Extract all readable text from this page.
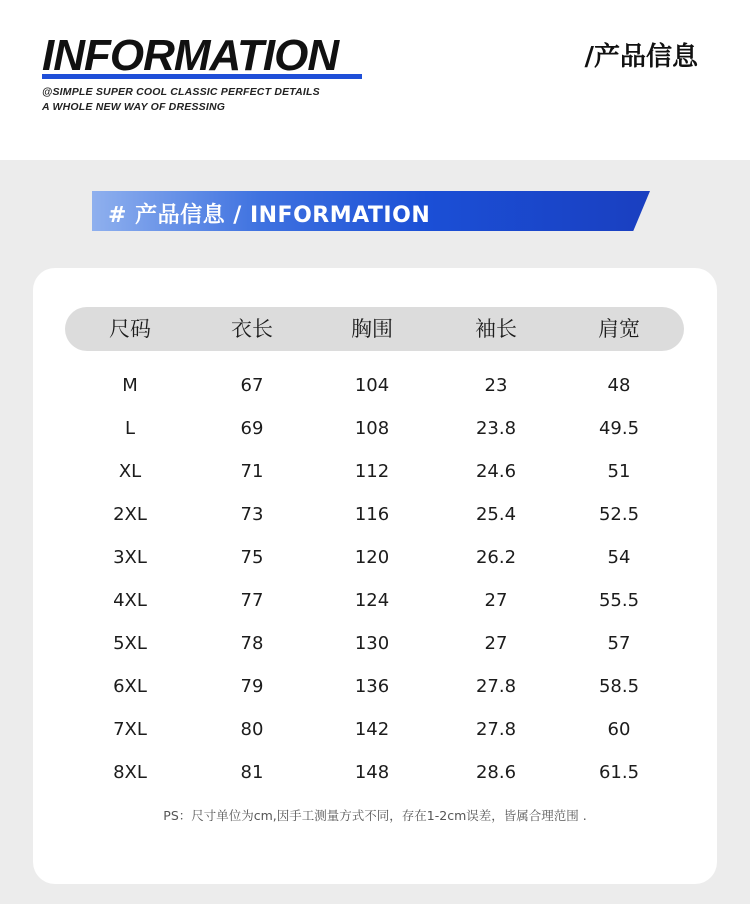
INFORMATION
@SIMPLE SUPER COOL CLASSIC PERFECT DETAILS
A WHOLE NEW WAY OF DRESSING
/产品信息
# 产品信息 / INFORMATION
尺码	衣长	胸围	袖长	肩宽
M	67	104	23	48
L	69	108	23.8	49.5
XL	71	112	24.6	51
2XL	73	116	25.4	52.5
3XL	75	120	26.2	54
4XL	77	124	27	55.5
5XL	78	130	27	57
6XL	79	136	27.8	58.5
7XL	80	142	27.8	60
8XL	81	148	28.6	61.5
PS：尺寸单位为cm,因手工测量方式不同，存在1-2cm误差，皆属合理范围 .
